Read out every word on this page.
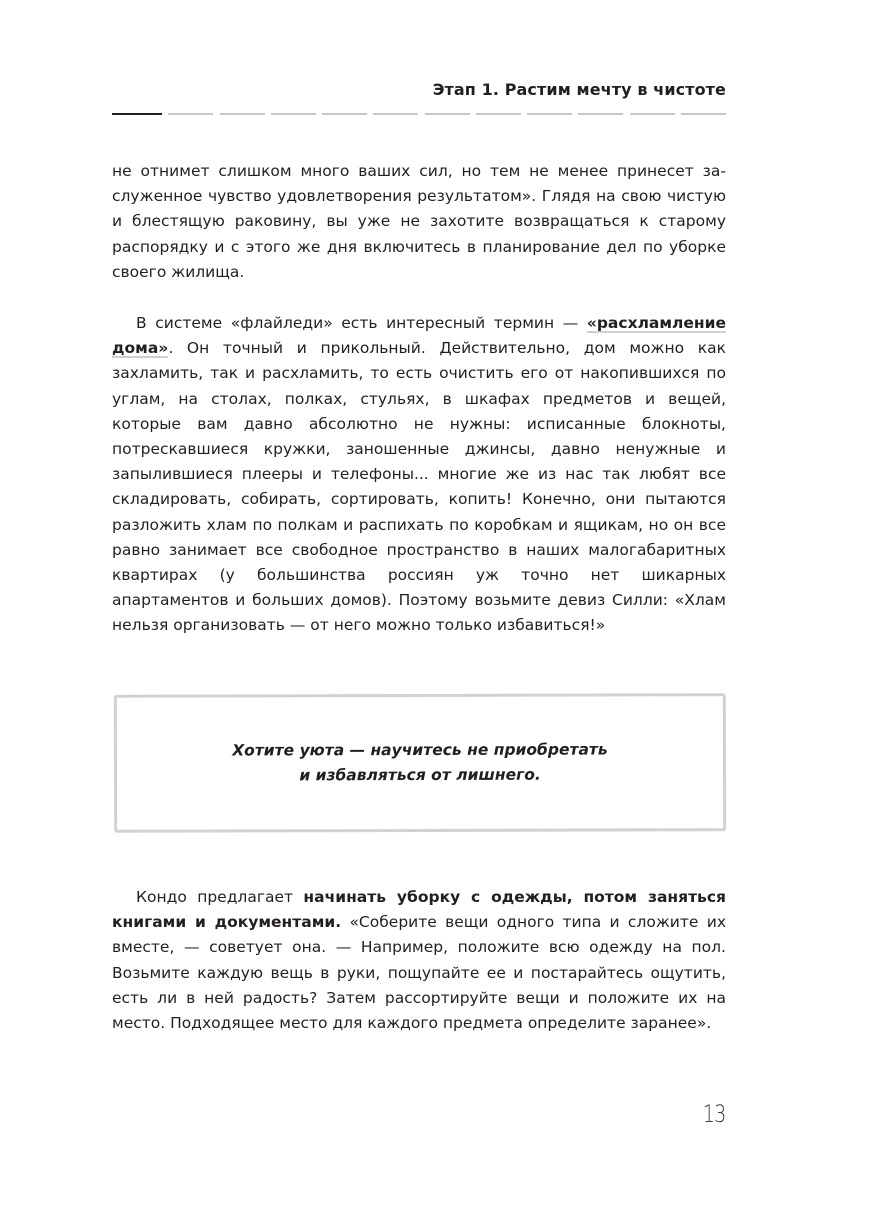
Этап 1. Растим мечту в чистоте

не отнимет слишком много ваших сил, но тем не менее принесет заслуженное чувство удовлетворения результатом». Глядя на свою чистую и блестящую раковину, вы уже не захотите возвращаться к старому распорядку и с этого же дня включитесь в планирование дел по уборке своего жилища.

В системе «флайледи» есть интересный термин — «расхламление дома». Он точный и прикольный. Действительно, дом можно как захламить, так и расхламить, то есть очистить его от накопившихся по углам, на столах, полках, стульях, в шкафах предметов и вещей, которые вам давно абсолютно не нужны: исписанные блокноты, потрескавшиеся кружки, заношенные джинсы, давно ненужные и запылившиеся плееры и телефоны... многие же из нас так любят все складировать, собирать, сортировать, копить! Конечно, они пытаются разложить хлам по полкам и распихать по коробкам и ящикам, но он все равно занимает все свободное пространство в наших малогабаритных квартирах (у большинства россиян уж точно нет шикарных апартаментов и больших домов). Поэтому возьмите девиз Силли: «Хлам нельзя организовать — от него можно только избавиться!»

Хотите уюта — научитесь не приобретать
и избавляться от лишнего.

Кондо предлагает начинать уборку с одежды, потом заняться книгами и документами. «Соберите вещи одного типа и сложите их вместе, — советует она. — Например, положите всю одежду на пол. Возьмите каждую вещь в руки, пощупайте ее и постарайтесь ощутить, есть ли в ней радость? Затем рассортируйте вещи и положите их на место. Подходящее место для каждого предмета определите заранее».

13
